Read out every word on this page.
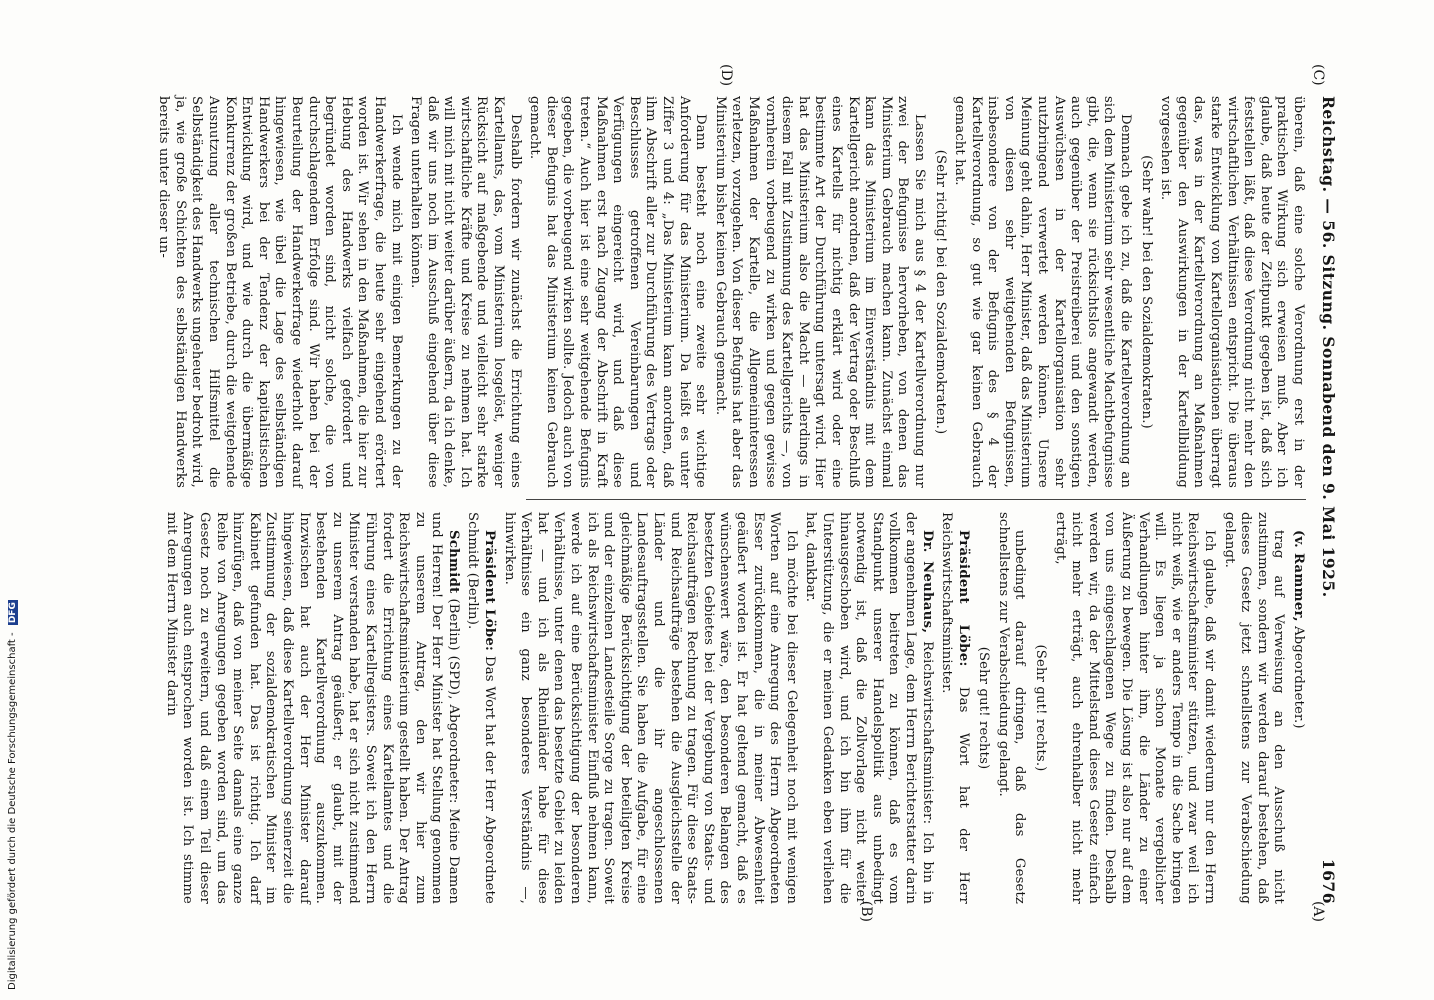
1676
Reichstag. — 56. Sitzung. Sonnabend den 9. Mai 1925.
(A)
(B)
(C)
(D)

(v. Rammer, Abgeordneter.)

trag auf Verweisung an den Ausschuß nicht zustimmen, sondern wir werden darauf bestehen, daß dieses Gesetz jetzt schnellstens zur Verabschiedung gelangt.

Ich glaube, daß wir damit wiederum nur den Herrn Reichswirtschaftsminister stützen, und zwar weil ich nicht weiß, wie er anders Tempo in die Sache bringen will. Es liegen ja schon Monate vergeblicher Verhandlungen hinter ihm, die Länder zu einer Äußerung zu bewegen. Die Lösung ist also nur auf dem von uns eingeschlagenen Wege zu finden. Deshalb werden wir, da der Mittelstand dieses Gesetz einfach nicht mehr erträgt, auch ehrenhalber nicht mehr erträgt,

(Sehr gut! rechts.)

unbedingt darauf dringen, daß das Gesetz schnellstens zur Verabschiedung gelangt.

(Sehr gut! rechts)

Präsident Löbe: Das Wort hat der Herr Reichswirtschaftsminister.

Dr. Neuhaus, Reichswirtschaftsminister: Ich bin in der angenehmen Lage, dem Herrn Berichterstatter darin vollkommen beitreten zu können, daß es vom Standpunkt unserer Handelspolitik aus unbedingt notwendig ist, daß die Zollvorlage nicht weiter hinausgeschoben wird, und ich bin ihm für die Unterstützung, die er meinen Gedanken eben verliehen hat, dankbar.

Ich möchte bei dieser Gelegenheit noch mit wenigen Worten auf eine Anregung des Herrn Abgeordneten Esser zurückkommen, die in meiner Abwesenheit geäußert worden ist. Er hat geltend gemacht, daß es wünschenswert wäre, den besonderen Belangen des besetzten Gebietes bei der Vergebung von Staats- und Reichsaufträgen Rechnung zu tragen. Für diese Staats- und Reichsaufträge bestehen die Ausgleichsstelle der Länder und die ihr angeschlossenen Landesauftragsstellen. Sie haben die Aufgabe, für eine gleichmäßige Berücksichtigung der beteiligten Kreise und der einzelnen Landesteile Sorge zu tragen. Soweit ich als Reichswirtschaftsminister Einfluß nehmen kann, werde ich auf eine Berücksichtigung der besonderen Verhältnisse, unter denen das besetzte Gebiet zu leiden hat — und ich als Rheinländer habe für diese Verhältnisse ein ganz besonderes Verständnis —, hinwirken.

Präsident Löbe: Das Wort hat der Herr Abgeordnete Schmidt (Berlin).

Schmidt (Berlin) (SPD), Abgeordneter: Meine Damen und Herren! Der Herr Minister hat Stellung genommen zu unserem Antrag, den wir hier zum Reichswirtschaftsministerium gestellt haben. Der Antrag fordert die Errichtung eines Kartellamtes und die Führung eines Kartellregisters. Soweit ich den Herrn Minister verstanden habe, hat er sich nicht zustimmend zu unserem Antrag geäußert; er glaubt, mit der bestehenden Kartellverordnung auszukommen. Inzwischen hat auch der Herr Minister darauf hingewiesen, daß diese Kartellverordnung seinerzeit die Zustimmung der sozialdemokratischen Minister im Kabinett gefunden hat. Das ist richtig. Ich darf hinzufügen, daß von meiner Seite damals eine ganze Reihe von Anregungen gegeben worden sind, um das Gesetz noch zu erweitern, und daß einem Teil dieser Anregungen auch entsprochen worden ist. Ich stimme mit dem Herrn Minister darin

überein, daß eine solche Verordnung erst in der praktischen Wirkung sich erweisen muß. Aber ich glaube, daß heute der Zeitpunkt gegeben ist, daß sich feststellen läßt, daß diese Verordnung nicht mehr den wirtschaftlichen Verhältnissen entspricht. Die überaus starke Entwicklung von Kartellorganisationen überragt das, was in der Kartellverordnung an Maßnahmen gegenüber den Auswirkungen in der Kartellbildung vorgesehen ist.

(Sehr wahr! bei den Sozialdemokraten.)

Demnach gebe ich zu, daß die Kartellverordnung an sich dem Ministerium sehr wesentliche Machtbefugnisse gibt, die, wenn sie rücksichtslos angewandt werden, auch gegenüber der Preistreiberei und den sonstigen Auswüchsen in der Kartellorganisation sehr nutzbringend verwertet werden können. Unsere Meinung geht dahin, Herr Minister, daß das Ministerium von diesen sehr weitgehenden Befugnissen, insbesondere von der Befugnis des § 4 der Kartellverordnung, so gut wie gar keinen Gebrauch gemacht hat.

(Sehr richtig! bei den Sozialdemokraten.)

Lassen Sie mich aus § 4 der Kartellverordnung nur zwei der Befugnisse hervorheben, von denen das Ministerium Gebrauch machen kann. Zunächst einmal kann das Ministerium im Einverständnis mit dem Kartellgericht anordnen, daß der Vertrag oder Beschluß eines Kartells für nichtig erklärt wird oder eine bestimmte Art der Durchführung untersagt wird. Hier hat das Ministerium also die Macht — allerdings in diesem Fall mit Zustimmung des Kartellgerichts —, von vornherein vorbeugend zu wirken und gegen gewisse Maßnahmen der Kartelle, die Allgemeininteressen verletzen, vorzugehen. Von dieser Befugnis hat aber das Ministerium bisher keinen Gebrauch gemacht.

Dann besteht noch eine zweite sehr wichtige Anforderung für das Ministerium. Da heißt es unter Ziffer 3 und 4: „Das Ministerium kann anordnen, daß ihm Abschrift aller zur Durchführung des Vertrags oder Beschlusses getroffenen Vereinbarungen und Verfügungen eingereicht wird, und daß diese Maßnahmen erst nach Zugang der Abschrift in Kraft treten.“ Auch hier ist eine sehr weitgehende Befugnis gegeben, die vorbeugend wirken sollte. Jedoch auch von dieser Befugnis hat das Ministerium keinen Gebrauch gemacht.

Deshalb fordern wir zunächst die Errichtung eines Kartellamts, das, vom Ministerium losgelöst, weniger Rücksicht auf maßgebende und vielleicht sehr starke wirtschaftliche Kräfte und Kreise zu nehmen hat. Ich will mich mit nicht weiter darüber äußern, da ich denke, daß wir uns noch im Ausschuß eingehend über diese Fragen unterhalten können.

Ich wende mich mit einigen Bemerkungen zu der Handwerkerfrage, die heute sehr eingehend erörtert worden ist. Wir sehen in den Maßnahmen, die hier zur Hebung des Handwerks vielfach gefordert und begründet worden sind, nicht solche, die von durchschlagendem Erfolge sind. Wir haben bei der Beurteilung der Handwerkerfrage wiederholt darauf hingewiesen, wie übel die Lage des selbständigen Handwerkers bei der Tendenz der kapitalistischen Entwicklung wird, und wie durch die übermäßige Konkurrenz der großen Betriebe, durch die weitgehende Ausnutzung aller technischen Hilfsmittel die Selbständigkeit des Handwerks ungeheuer bedroht wird, ja, wie große Schichten des selbständigen Handwerks bereits unter dieser un-

Digitalisierung gefördert durch die Deutsche Forschungsgemeinschaft - DFG
